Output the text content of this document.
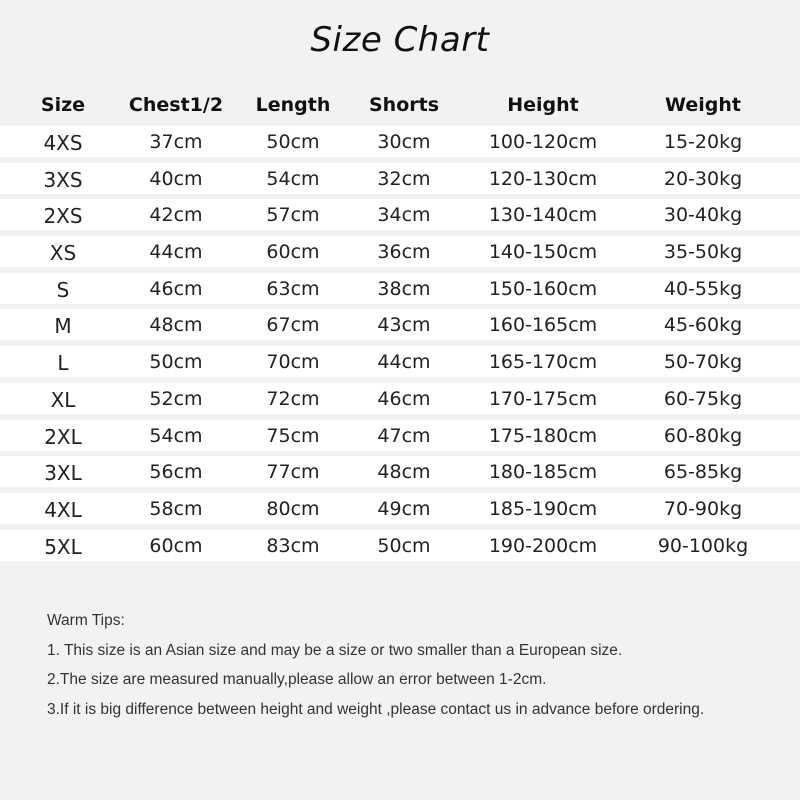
Size Chart
Size Chest1/2 Length Shorts	Height	Weight
4XS	37cm	50cm	30cm	100-120cm	15-20kg
3XS	40cm	54cm	32cm	120-130cm	20-30kg
2XS	42cm	57cm	34cm	130-140cm	30-40kg
XS	44cm	60cm	36cm	140-150cm	35-50kg
S	46cm	63cm	38cm	150-160cm	40-55kg
M	48cm	67cm	43cm	160-165cm	45-60kg
L	50cm	70cm	44cm	165-170cm	50-70kg
XL	52cm	72cm	46cm	170-175cm	60-75kg
2XL	54cm	75cm	47cm	175-180cm	60-80kg
3XL	56cm	77cm	48cm	180-185cm	65-85kg
4XL	58cm	80cm	49cm	185-190cm	70-90kg
5XL	60cm	83cm	50cm	190-200cm	90-100kg
Warm Tips:
1. This size is an Asian size and may be a size or two smaller than a European size.
2.The size are measured manually,please allow an error between 1-2cm.
3.If it is big difference between height and weight ,please contact us in advance before ordering.
